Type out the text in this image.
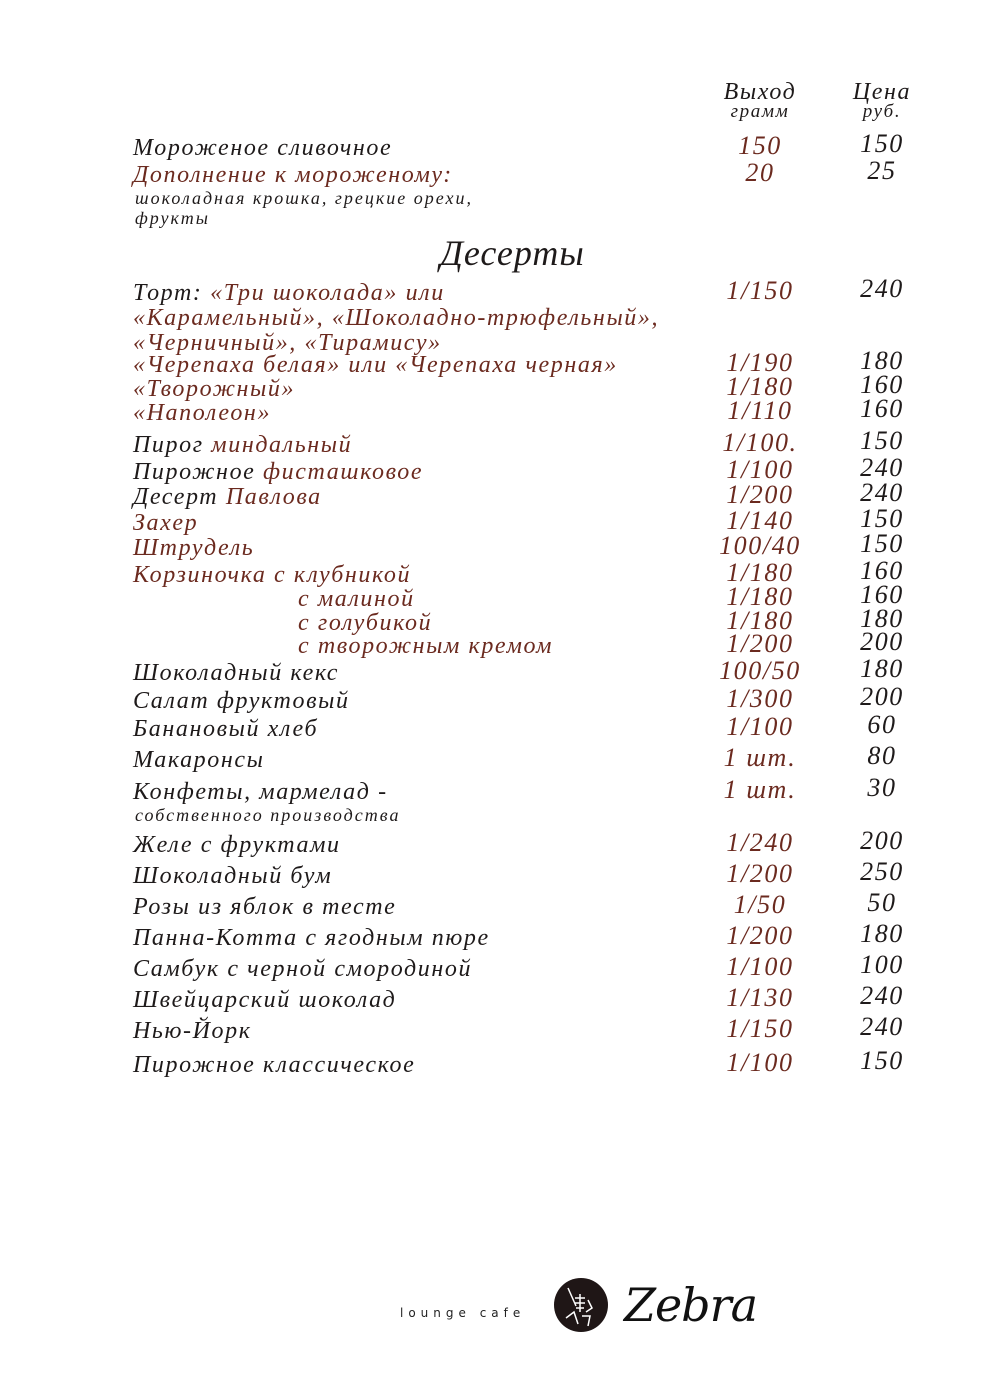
Выход
грамм
Цена
руб.
Мороженое сливочное	150	150
Дополнение к мороженому:	20	25
шоколадная крошка, грецкие орехи,
фрукты
Десерты
Торт: «Три шоколада» или	1/150	240
«Карамельный», «Шоколадно-трюфельный»,
«Черничный», «Тирамису»
«Черепаха белая» или «Черепаха черная»	1/190	180
«Творожный»	1/180	160
«Наполеон»	1/110	160
Пирог миндальный	1/100.	150
Пирожное фисташковое	1/100	240
Десерт Павлова	1/200	240
Захер	1/140	150
Штрудель	100/40	150
Корзиночка с клубникой	1/180	160
с малиной	1/180	160
с голубикой	1/180	180
с творожным кремом	1/200	200
Шоколадный кекс	100/50	180
Салат фруктовый	1/300	200
Банановый хлеб	1/100	60
Макаронсы	1 шт.	80
Конфеты, мармелад -	1 шт.	30
собственного производства
Желе с фруктами	1/240	200
Шоколадный бум	1/200	250
Розы из яблок в тесте	1/50	50
Панна-Котта с ягодным пюре	1/200	180
Самбук с черной смородиной	1/100	100
Швейцарский шоколад	1/130	240
Нью-Йорк	1/150	240
Пирожное классическое	1/100	150
lounge cafe Zebra
